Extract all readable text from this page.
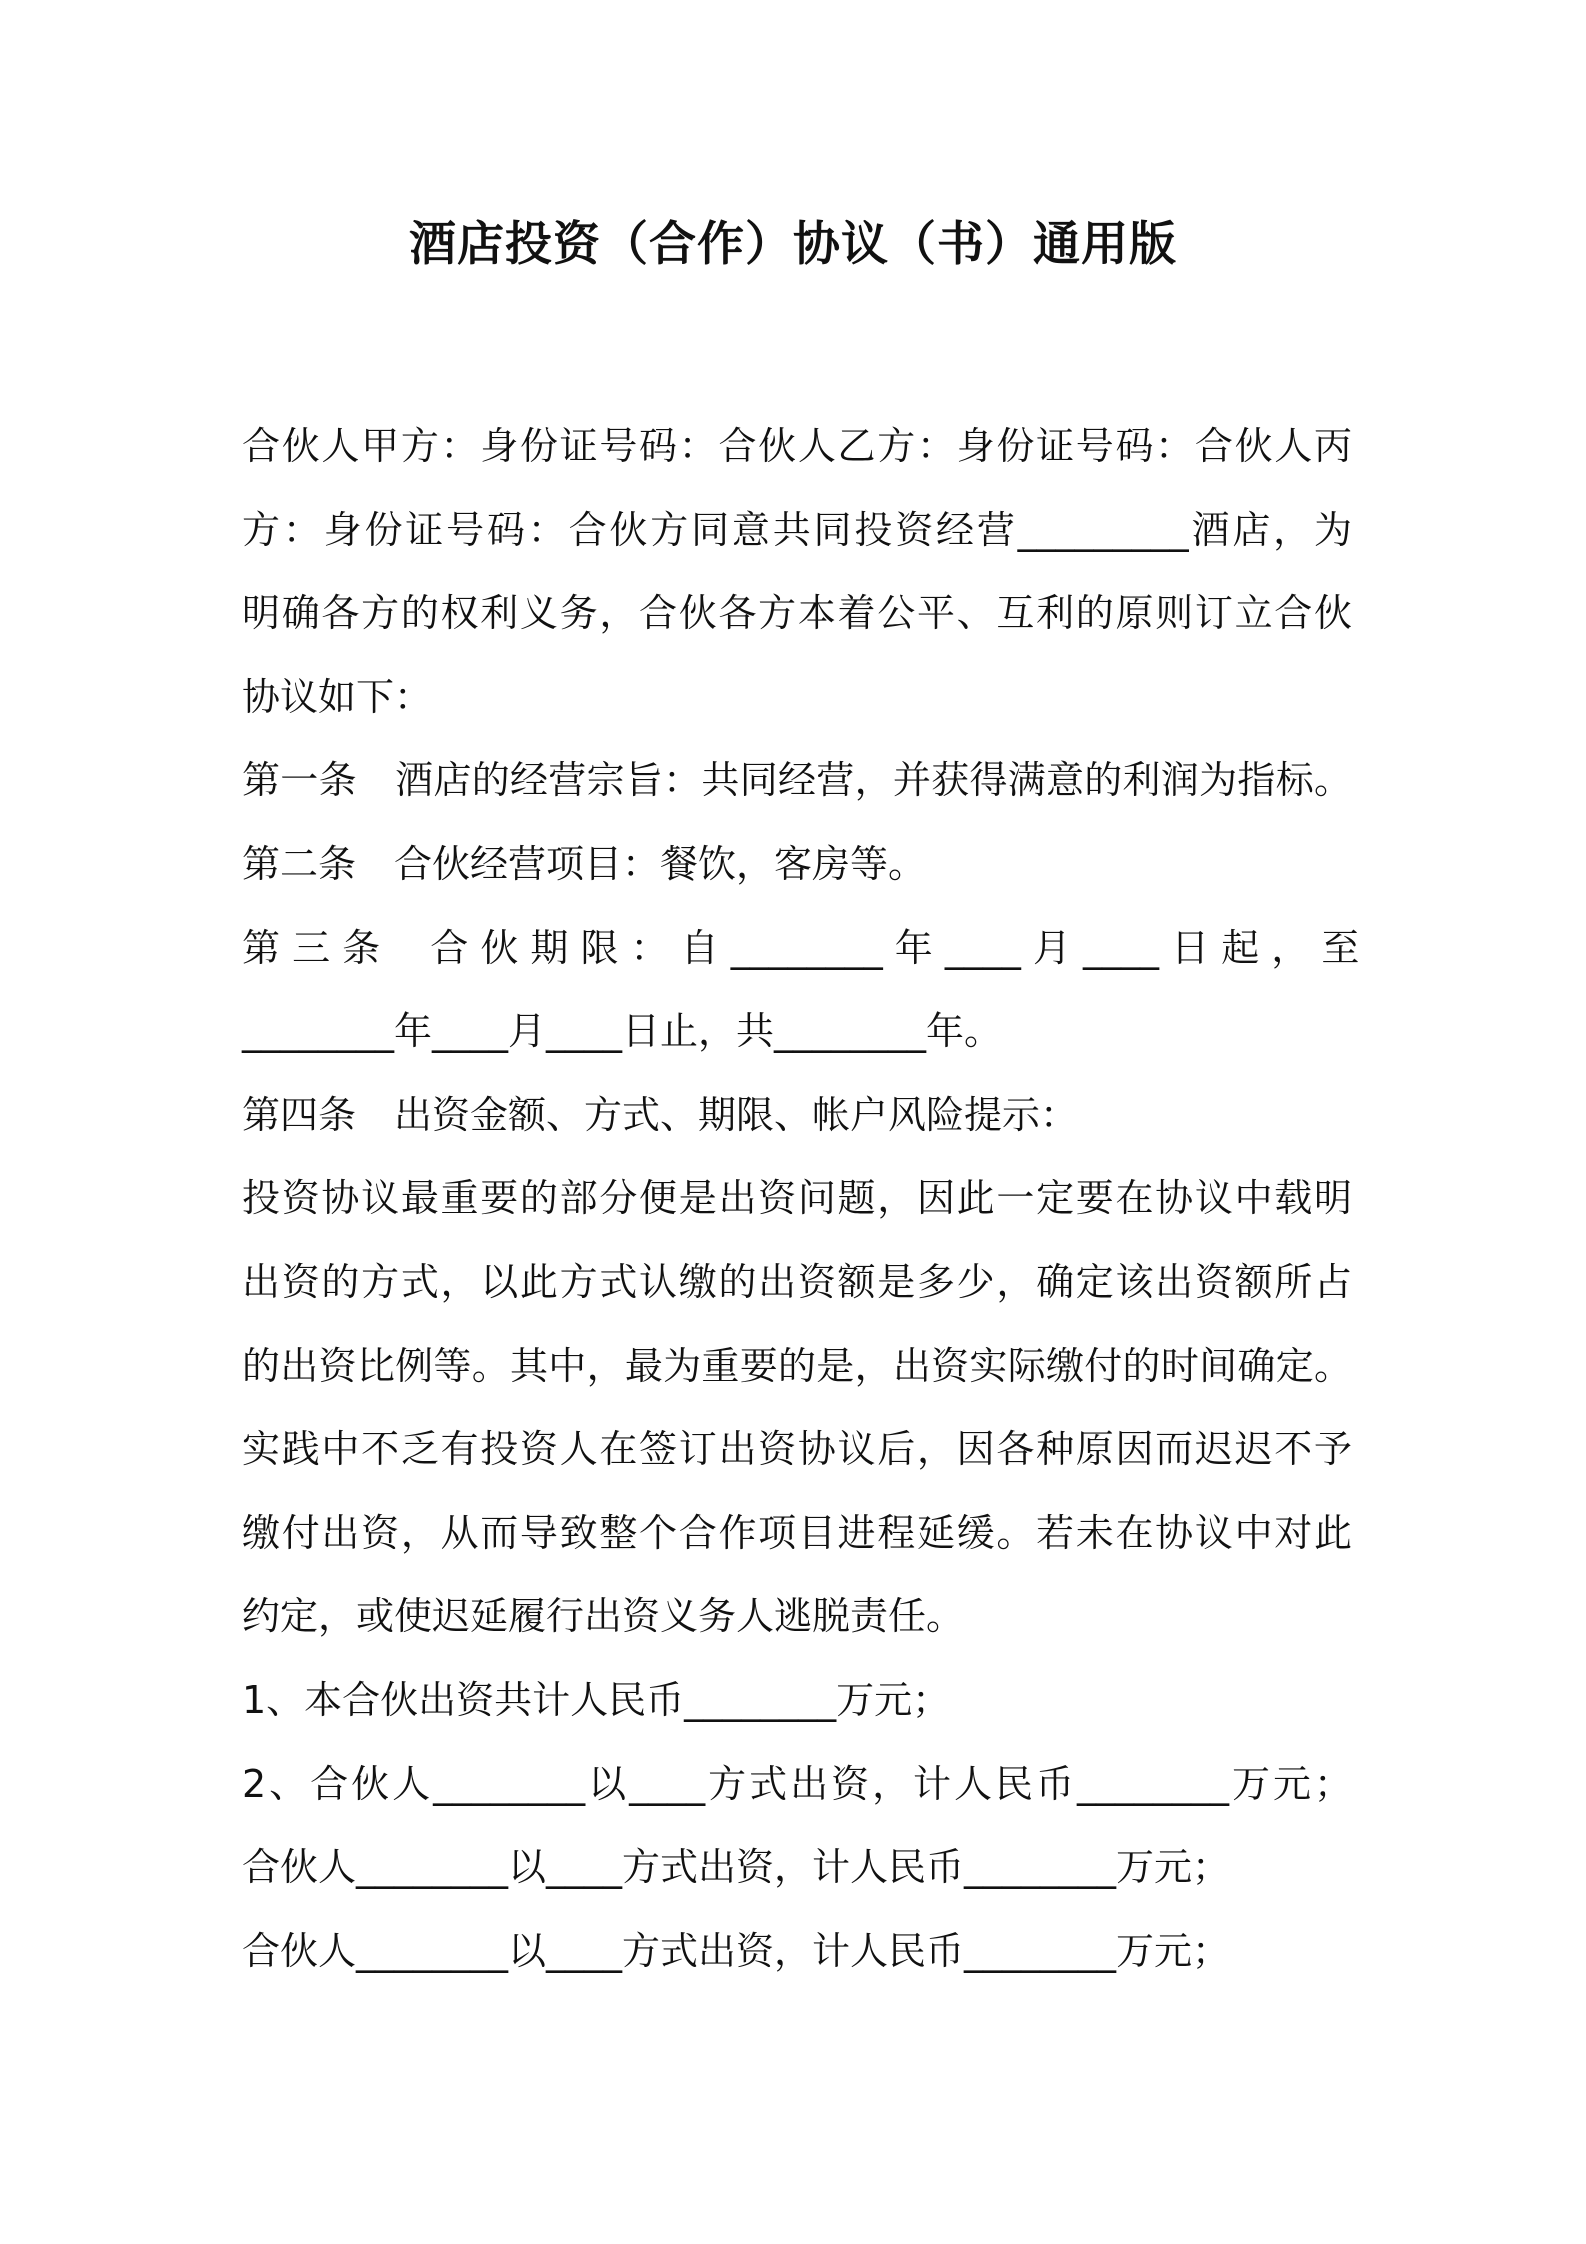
酒店投资（合作）协议（书）通用版
合伙人甲方：身份证号码：合伙人乙方：身份证号码：合伙人丙
方：身份证号码：合伙方同意共同投资经营_________酒店，为
明确各方的权利义务，合伙各方本着公平、互利的原则订立合伙
协议如下：
第一条　酒店的经营宗旨：共同经营，并获得满意的利润为指标。
第二条　合伙经营项目：餐饮，客房等。
第 三 条　 合 伙 期 限 ： 自 ________ 年 ____ 月 ____ 日 起 ， 至
________年____月____日止，共________年。
第四条　出资金额、方式、期限、帐户风险提示：
投资协议最重要的部分便是出资问题，因此一定要在协议中载明
出资的方式，以此方式认缴的出资额是多少，确定该出资额所占
的出资比例等。其中，最为重要的是，出资实际缴付的时间确定。
实践中不乏有投资人在签订出资协议后，因各种原因而迟迟不予
缴付出资，从而导致整个合作项目进程延缓。若未在协议中对此
约定，或使迟延履行出资义务人逃脱责任。
1、本合伙出资共计人民币________万元；
2、合伙人________以____方式出资，计人民币________万元；
合伙人________以____方式出资，计人民币________万元；
合伙人________以____方式出资，计人民币________万元；
